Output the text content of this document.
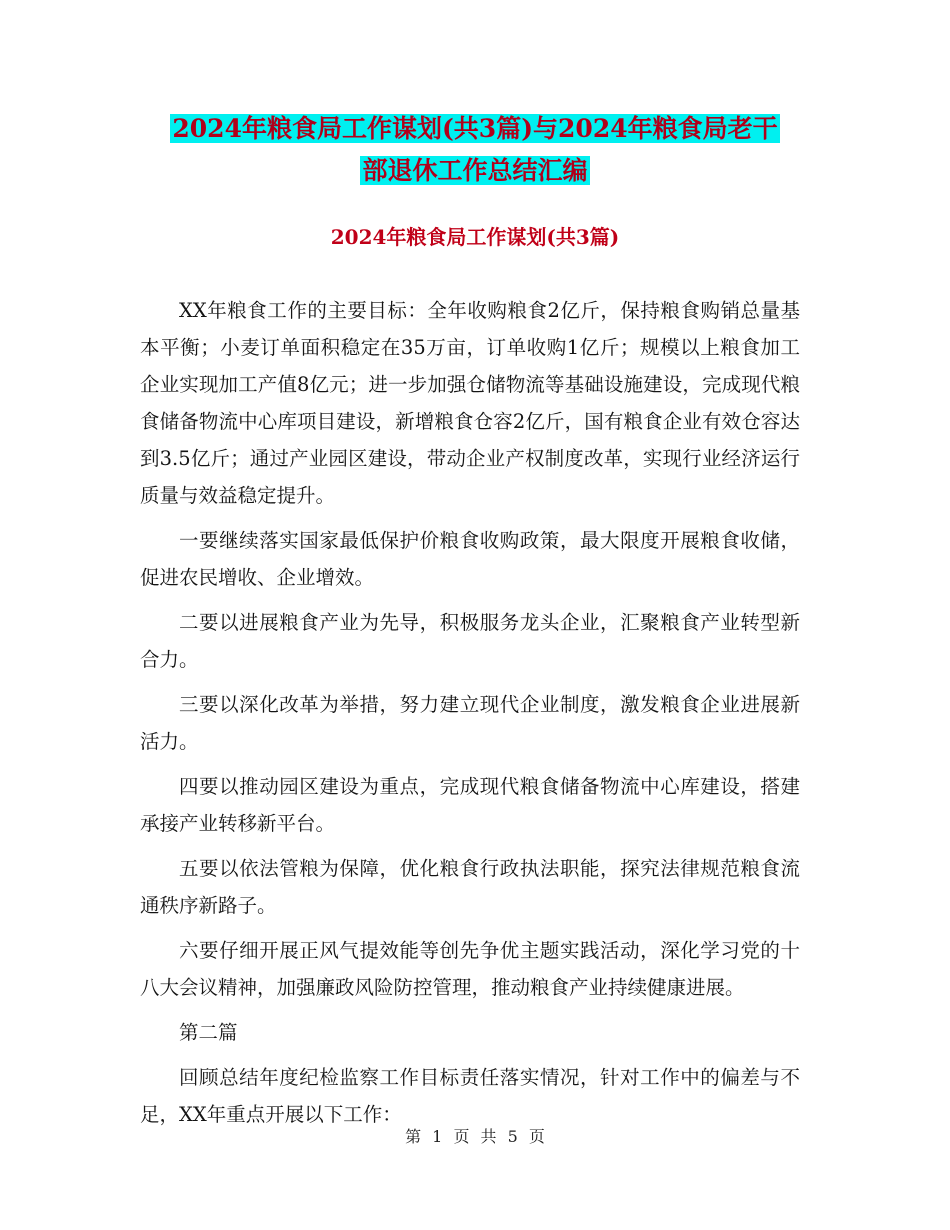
2024年粮食局工作谋划(共3篇)与2024年粮食局老干
部退休工作总结汇编
2024年粮食局工作谋划(共3篇)

XX年粮食工作的主要目标：全年收购粮食2亿斤，保持粮食购销总量基本平衡；小麦订单面积稳定在35万亩，订单收购1亿斤；规模以上粮食加工企业实现加工产值8亿元；进一步加强仓储物流等基础设施建设，完成现代粮食储备物流中心库项目建设，新增粮食仓容2亿斤，国有粮食企业有效仓容达到3.5亿斤；通过产业园区建设，带动企业产权制度改革，实现行业经济运行质量与效益稳定提升。

一要继续落实国家最低保护价粮食收购政策，最大限度开展粮食收储，促进农民增收、企业增效。

二要以进展粮食产业为先导，积极服务龙头企业，汇聚粮食产业转型新合力。

三要以深化改革为举措，努力建立现代企业制度，激发粮食企业进展新活力。

四要以推动园区建设为重点，完成现代粮食储备物流中心库建设，搭建承接产业转移新平台。

五要以依法管粮为保障，优化粮食行政执法职能，探究法律规范粮食流通秩序新路子。

六要仔细开展正风气提效能等创先争优主题实践活动，深化学习党的十八大会议精神，加强廉政风险防控管理，推动粮食产业持续健康进展。

第二篇

回顾总结年度纪检监察工作目标责任落实情况，针对工作中的偏差与不足，XX年重点开展以下工作：

第 1 页 共 5 页
